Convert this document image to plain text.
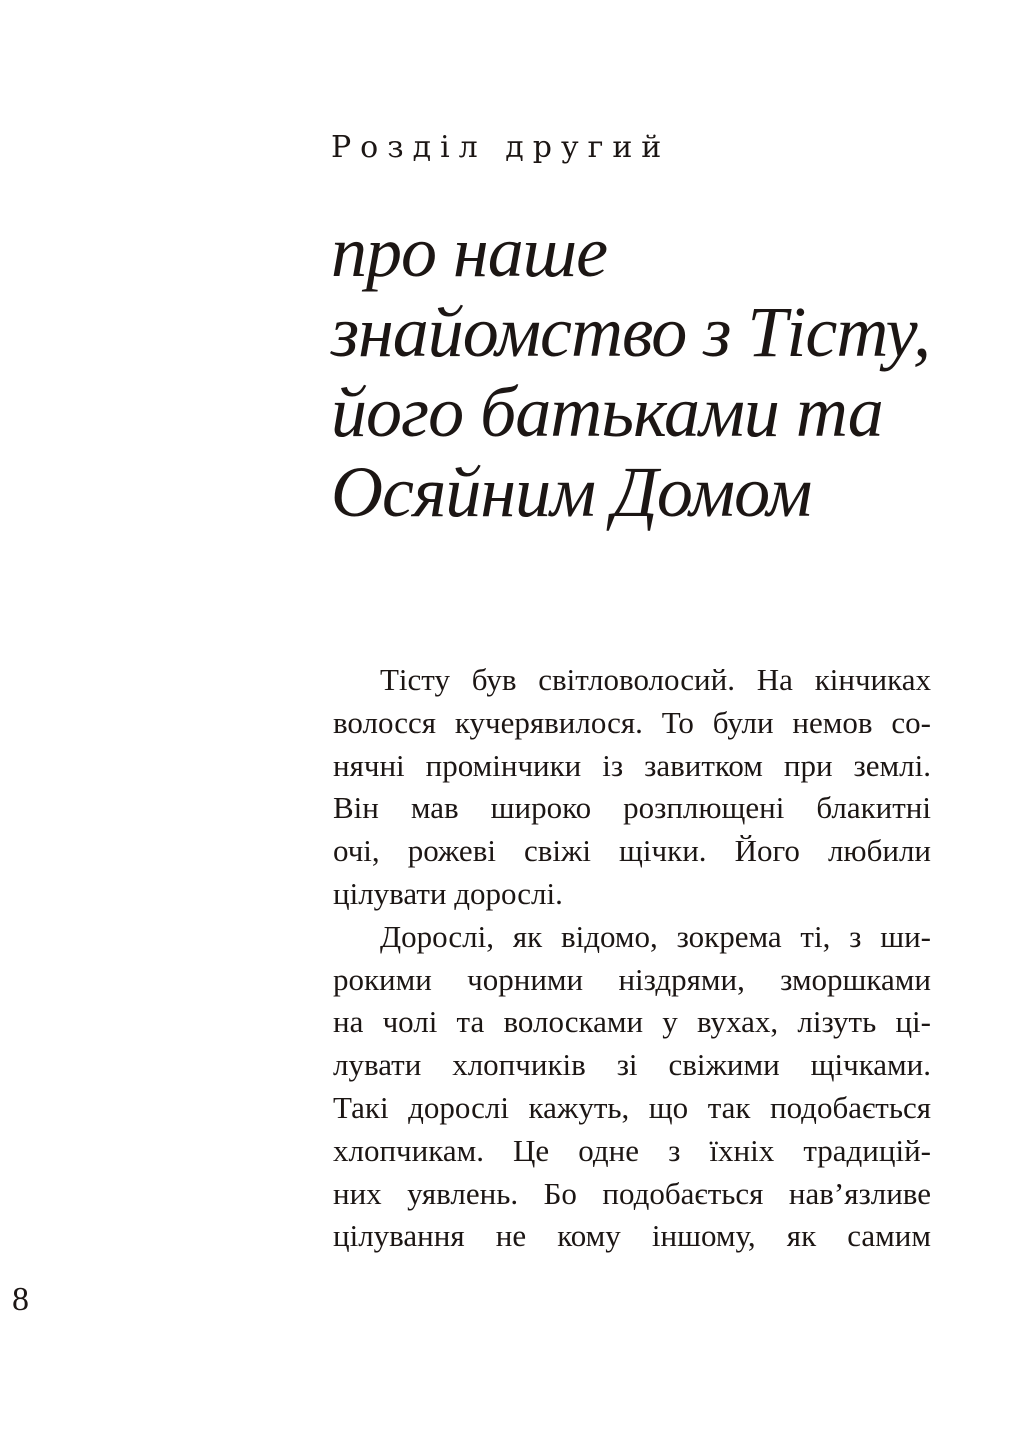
Розділ другий
про наше
знайомство з Тісту,
його батьками та
Осяйним Домом
Тісту був світловолосий. На кінчиках
волосся кучерявилося. То були немов со-
нячні промінчики із завитком при землі.
Він мав широко розплющені блакитні
очі, рожеві свіжі щічки. Його любили
цілувати дорослі.
Дорослі, як відомо, зокрема ті, з ши-
рокими чорними ніздрями, зморшками
на чолі та волосками у вухах, лізуть ці-
лувати хлопчиків зі свіжими щічками.
Такі дорослі кажуть, що так подобається
хлопчикам. Це одне з їхніх традицій-
них уявлень. Бо подобається нав’язливе
цілування не кому іншому, як самим
8
